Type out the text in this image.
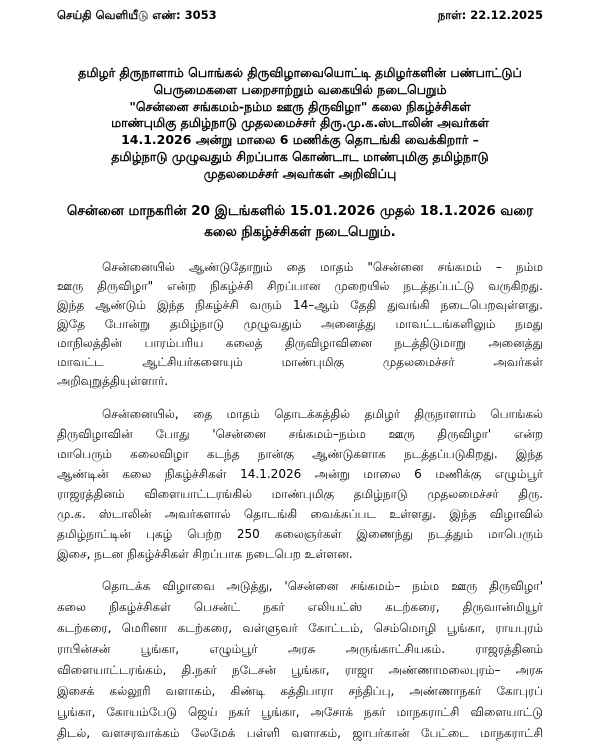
செய்தி வெளியீடு எண்: 3053	நாள்: 22.12.2025
தமிழர் திருநாளாம் பொங்கல் திருவிழாவையொட்டி தமிழர்களின் பண்பாட்டுப்
பெருமைகளை பறைசாற்றும் வகையில் நடைபெறும்
"சென்னை சங்கமம்-நம்ம ஊரு திருவிழா" கலை நிகழ்ச்சிகள்
மாண்புமிகு தமிழ்நாடு முதலமைச்சர் திரு.மு.க.ஸ்டாலின் அவர்கள்
14.1.2026 அன்று மாலை 6 மணிக்கு தொடங்கி வைக்கிறார் –
தமிழ்நாடு முழுவதும் சிறப்பாக கொண்டாட மாண்புமிகு தமிழ்நாடு
முதலமைச்சர் அவர்கள் அறிவிப்பு
சென்னை மாநகரின் 20 இடங்களில் 15.01.2026 முதல் 18.1.2026 வரை
கலை நிகழ்ச்சிகள் நடைபெறும்.
சென்னையில் ஆண்டுதோறும் தை மாதம் "சென்னை சங்கமம் – நம்ம
ஊரு திருவிழா" என்ற நிகழ்ச்சி சிறப்பான முறையில் நடத்தப்பட்டு வருகிறது.
இந்த ஆண்டும் இந்த நிகழ்ச்சி வரும் 14–ஆம் தேதி துவங்கி நடைபெறவுள்ளது.
இதே போன்று தமிழ்நாடு முழுவதும் அனைத்து மாவட்டங்களிலும் நமது
மாநிலத்தின் பாரம்பரிய கலைத் திருவிழாவினை நடத்திடுமாறு அனைத்து
மாவட்ட ஆட்சியர்களையும் மாண்புமிகு முதலமைச்சர் அவர்கள்
அறிவுறுத்தியுள்ளார்.
சென்னையில், தை மாதம் தொடக்கத்தில் தமிழர் திருநாளாம் பொங்கல்
திருவிழாவின் போது 'சென்னை சங்கமம்–நம்ம ஊரு திருவிழா' என்ற
மாபெரும் கலைவிழா கடந்த நான்கு ஆண்டுகளாக நடத்தப்படுகிறது. இந்த
ஆண்டின் கலை நிகழ்ச்சிகள் 14.1.2026 அன்று மாலை 6 மணிக்கு எழும்பூர்
ராஜரத்தினம் விளையாட்டரங்கில் மாண்புமிகு தமிழ்நாடு முதலமைச்சர் திரு.
மு.க. ஸ்டாலின் அவர்களால் தொடங்கி வைக்கப்பட உள்ளது. இந்த விழாவில்
தமிழ்நாட்டின் புகழ் பெற்ற 250 கலைஞர்கள் இணைந்து நடத்தும் மாபெரும்
இசை, நடன நிகழ்ச்சிகள் சிறப்பாக நடைபெற உள்ளன.
தொடக்க விழாவை அடுத்து, 'சென்னை சங்கமம்– நம்ம ஊரு திருவிழா'
கலை நிகழ்ச்சிகள் பெசன்ட் நகர் எலியட்ஸ் கடற்கரை, திருவான்மியூர்
கடற்கரை, மெரினா கடற்கரை, வள்ளுவர் கோட்டம், செம்மொழி பூங்கா, ராயபுரம்
ராபின்சன் பூங்கா, எழும்பூர் அரசு அருங்காட்சியகம். ராஜரத்தினம்
விளையாட்டரங்கம், தி.நகர் நடேசன் பூங்கா, ராஜா அண்ணாமலைபுரம்– அரசு
இசைக் கல்லூரி வளாகம், கிண்டி கத்திபாரா சந்திப்பு, அண்ணாநகர் கோபுரப்
பூங்கா, கோயம்பேடு ஜெய் நகர் பூங்கா, அசோக் நகர் மாநகராட்சி விளையாட்டு
திடல், வளசரவாக்கம் லேமேக் பள்ளி வளாகம், ஜாபர்கான் பேட்டை மாநகராட்சி
